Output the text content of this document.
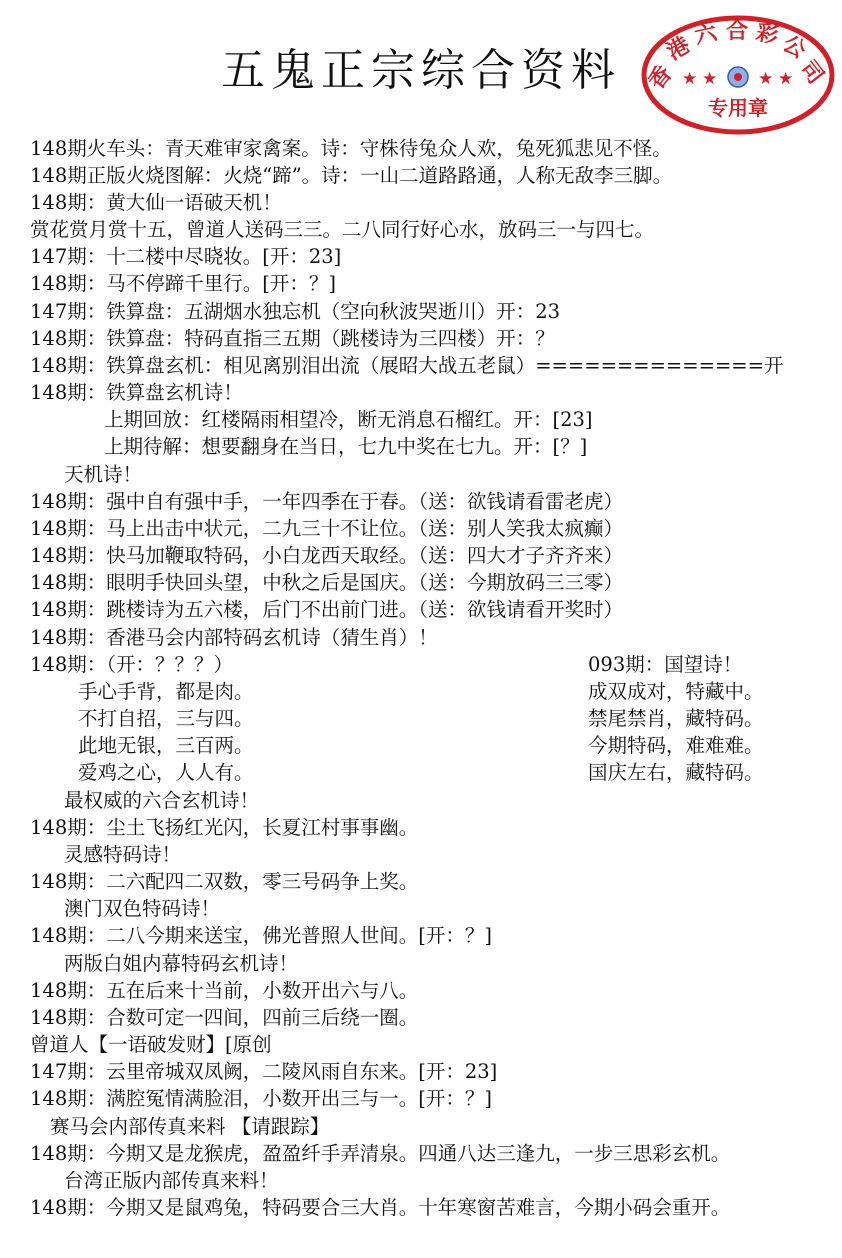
五鬼正宗综合资料	香
港
六 合 彩
公
司
★ ★ ★ ★
专用章
148期火车头：青天难审家禽案。诗：守株待兔众人欢，兔死狐悲见不怪。
148期正版火烧图解：火烧“蹄”。诗：一山二道路路通，人称无敌李三脚。
148期：黄大仙一语破天机！
赏花赏月赏十五，曾道人送码三三。二八同行好心水，放码三一与四七。
147期：十二楼中尽晓妆。[开：23]
148期：马不停蹄千里行。[开：？]
147期：铁算盘：五湖烟水独忘机（空向秋波哭逝川）开：23
148期：铁算盘：特码直指三五期（跳楼诗为三四楼）开：？
148期：铁算盘玄机：相见离别泪出流（展昭大战五老鼠）==============开
148期：铁算盘玄机诗！
上期回放：红楼隔雨相望冷，断无消息石榴红。开：[23]
上期待解：想要翻身在当日，七九中奖在七九。开：[？]
天机诗！
148期：强中自有强中手，一年四季在于春。（送：欲钱请看雷老虎）
148期：马上出击中状元，二九三十不让位。（送：别人笑我太疯癫）
148期：快马加鞭取特码，小白龙西天取经。（送：四大才子齐齐来）
148期：眼明手快回头望，中秋之后是国庆。（送：今期放码三三零）
148期：跳楼诗为五六楼，后门不出前门进。（送：欲钱请看开奖时）
148期：香港马会内部特码玄机诗（猜生肖）！
148期：（开：？？？）
手心手背，都是肉。
不打自招，三与四。
此地无银，三百两。
爱鸡之心，人人有。
最权威的六合玄机诗！
148期：尘土飞扬红光闪，长夏江村事事幽。
灵感特码诗！
148期：二六配四二双数，零三号码争上奖。
澳门双色特码诗！
148期：二八今期来送宝，佛光普照人世间。[开：？]
两版白姐内幕特码玄机诗！
148期：五在后来十当前，小数开出六与八。
148期：合数可定一四间，四前三后绕一圈。
曾道人【一语破发财】[原创
147期：云里帝城双凤阙，二陵风雨自东来。[开：23]
148期：满腔冤情满脸泪，小数开出三与一。[开：？]
赛马会内部传真来料 【请跟踪】
148期：今期又是龙猴虎，盈盈纤手弄清泉。四通八达三逢九，一步三思彩玄机。
台湾正版内部传真来料！
148期：今期又是鼠鸡兔，特码要合三大肖。十年寒窗苦难言，今期小码会重开。
093期：国望诗！
成双成对，特藏中。
禁尾禁肖，藏特码。
今期特码，难难难。
国庆左右，藏特码。
